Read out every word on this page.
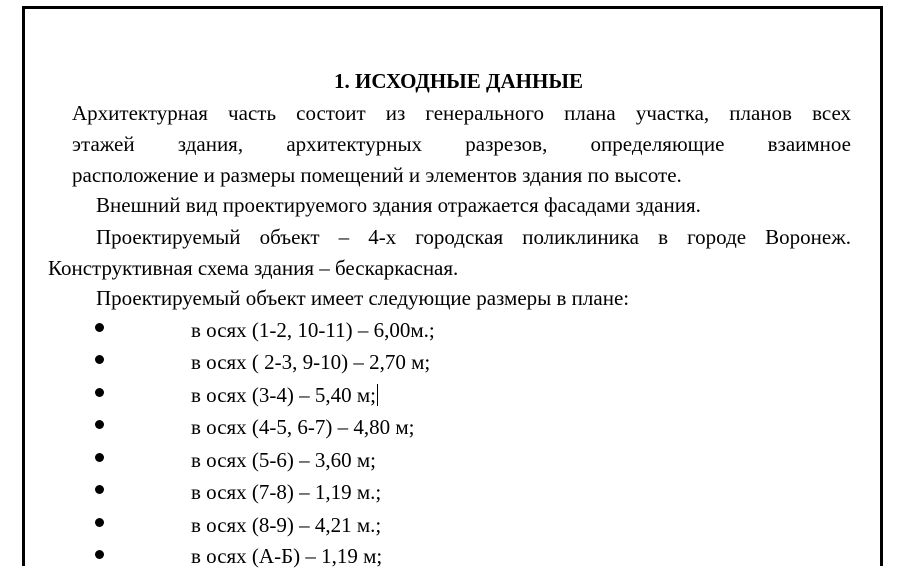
1. ИСХОДНЫЕ ДАННЫЕ
Архитектурная часть состоит из генерального плана участка, планов всех
этажей здания, архитектурных разрезов, определяющие взаимное
расположение и размеры помещений и элементов здания по высоте.
Внешний вид проектируемого здания отражается фасадами здания.
Проектируемый объект – 4-х городская поликлиника в городе Воронеж.
Конструктивная схема здания – бескаркасная.
Проектируемый объект имеет следующие размеры в плане:
в осях (1-2, 10-11) – 6,00м.;
в осях ( 2-3, 9-10) – 2,70 м;
в осях (3-4) – 5,40 м;
в осях (4-5, 6-7) – 4,80 м;
в осях (5-6) – 3,60 м;
в осях (7-8) – 1,19 м.;
в осях (8-9) – 4,21 м.;
в осях (А-Б) – 1,19 м;
